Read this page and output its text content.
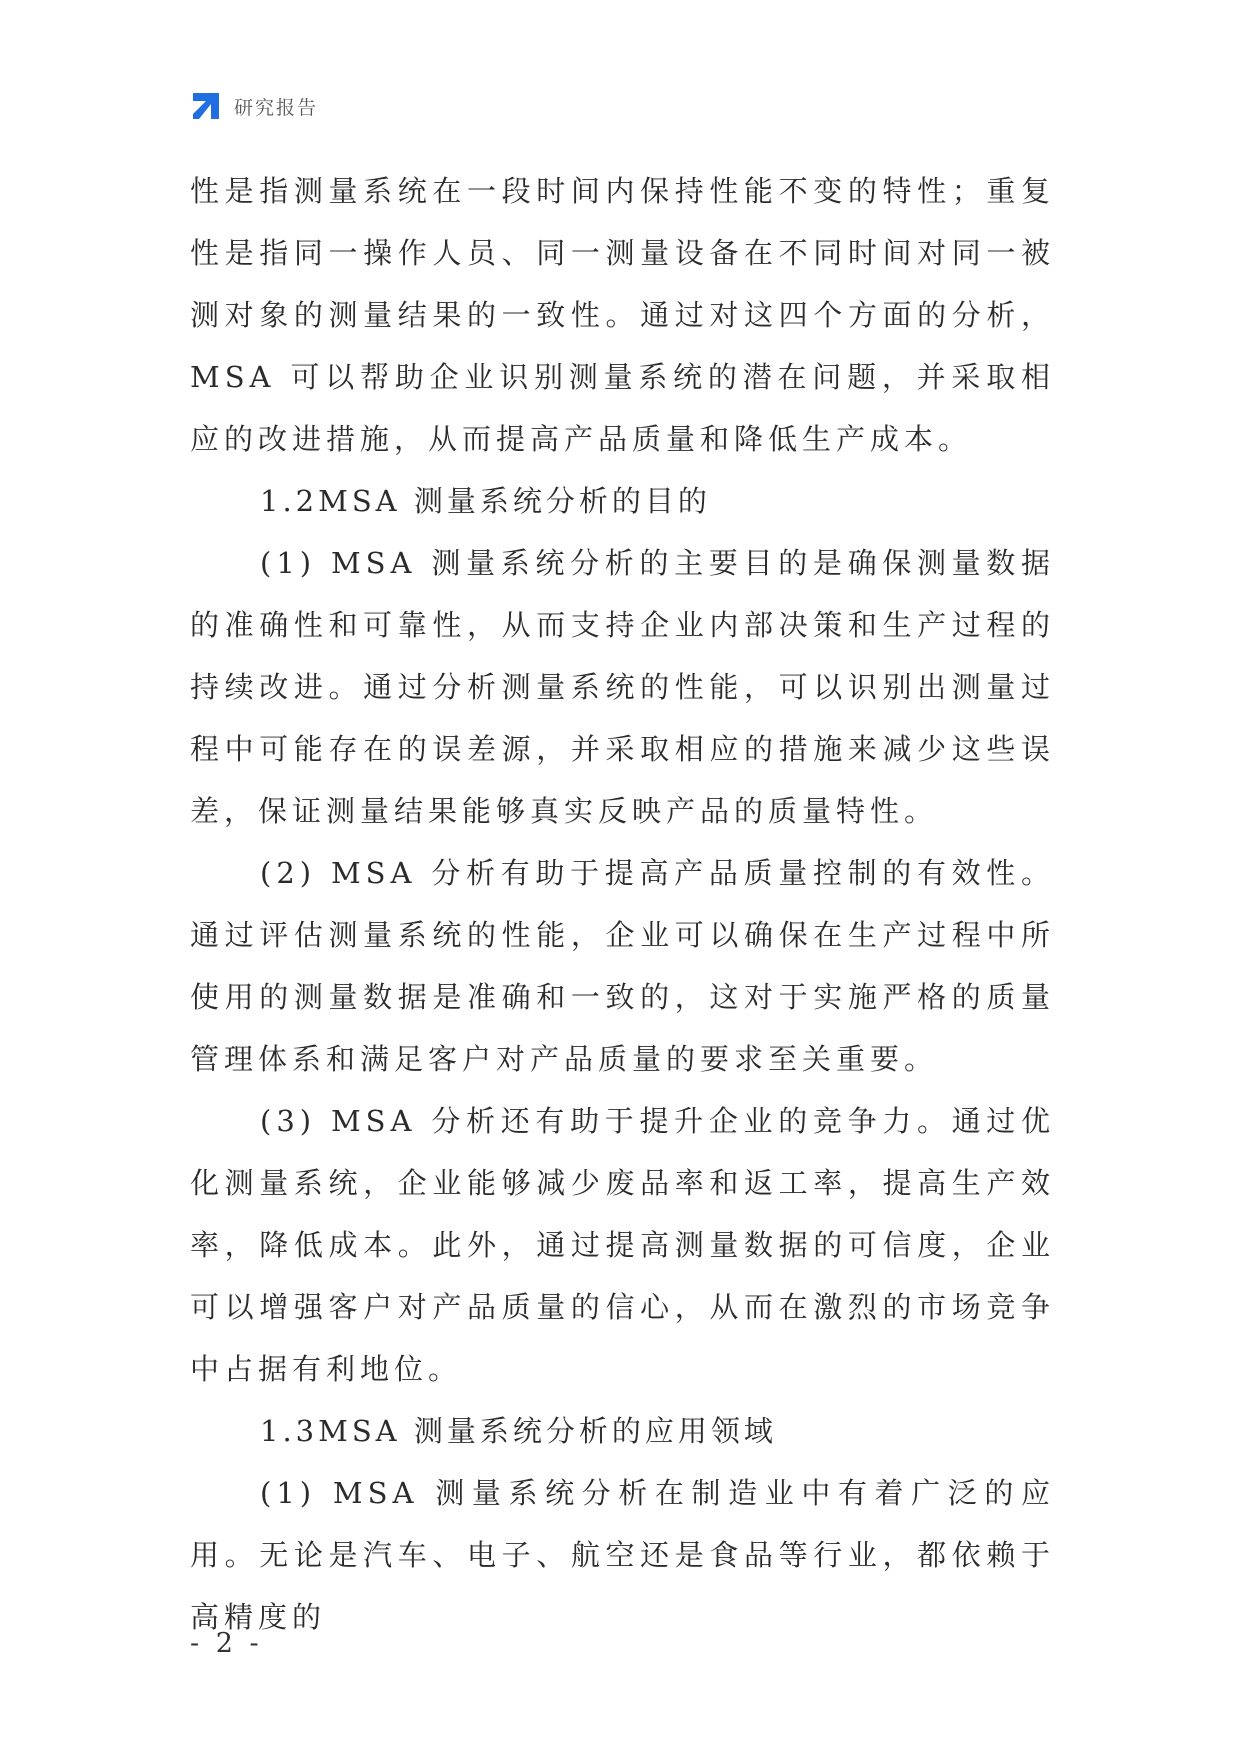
研究报告

性是指测量系统在一段时间内保持性能不变的特性；重复性是指同一操作人员、同一测量设备在不同时间对同一被测对象的测量结果的一致性。通过对这四个方面的分析，MSA 可以帮助企业识别测量系统的潜在问题，并采取相应的改进措施，从而提高产品质量和降低生产成本。

1.2MSA 测量系统分析的目的

(1) MSA 测量系统分析的主要目的是确保测量数据的准确性和可靠性，从而支持企业内部决策和生产过程的持续改进。通过分析测量系统的性能，可以识别出测量过程中可能存在的误差源，并采取相应的措施来减少这些误差，保证测量结果能够真实反映产品的质量特性。

(2) MSA 分析有助于提高产品质量控制的有效性。通过评估测量系统的性能，企业可以确保在生产过程中所使用的测量数据是准确和一致的，这对于实施严格的质量管理体系和满足客户对产品质量的要求至关重要。

(3) MSA 分析还有助于提升企业的竞争力。通过优化测量系统，企业能够减少废品率和返工率，提高生产效率，降低成本。此外，通过提高测量数据的可信度，企业可以增强客户对产品质量的信心，从而在激烈的市场竞争中占据有利地位。

1.3MSA 测量系统分析的应用领域

(1) MSA 测量系统分析在制造业中有着广泛的应用。无论是汽车、电子、航空还是食品等行业，都依赖于高精度的

- 2 -
